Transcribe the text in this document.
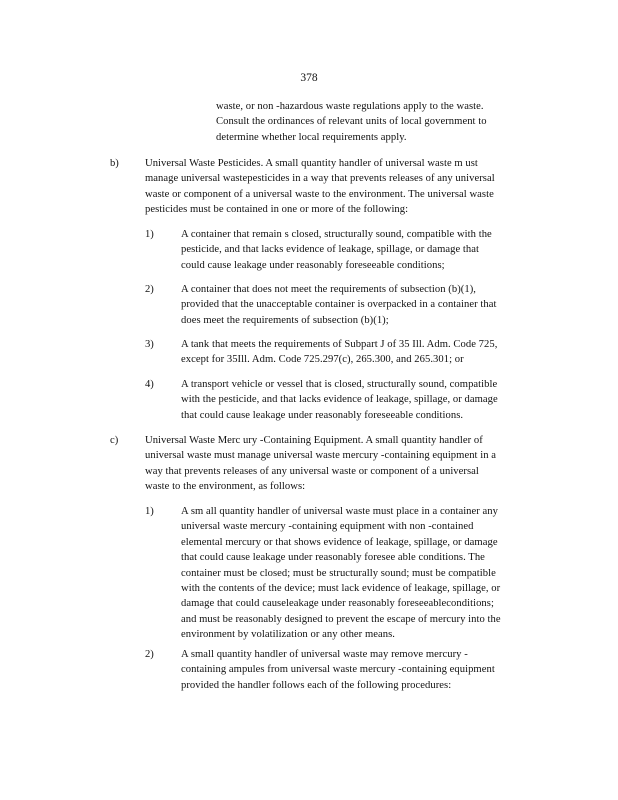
378
waste, or non -hazardous waste regulations apply to the waste.
Consult the ordinances of relevant units of local government to
determine whether local requirements apply.
b) Universal Waste Pesticides. A small quantity handler of universal waste m ust
manage universal wastepesticides in a way that prevents releases of any universal
waste or component of a universal waste to the environment. The universal waste
pesticides must be contained in one or more of the following:
1)	A container that remain s closed, structurally sound, compatible with the
pesticide, and that lacks evidence of leakage, spillage, or damage that
could cause leakage under reasonably foreseeable conditions;
2)	A container that does not meet the requirements of subsection (b)(1),
provided that the unacceptable container is overpacked in a container that
does meet the requirements of subsection (b)(1);
3)	A tank that meets the requirements of Subpart J of 35 Ill. Adm. Code 725,
except for 35Ill. Adm. Code 725.297(c), 265.300, and 265.301; or
4)	A transport vehicle or vessel that is closed, structurally sound, compatible
with the pesticide, and that lacks evidence of leakage, spillage, or damage
that could cause leakage under reasonably foreseeable conditions.
c)	Universal Waste Merc ury -Containing Equipment. A small quantity handler of
universal waste must manage universal waste mercury -containing equipment in a
way that prevents releases of any universal waste or component of a universal
waste to the environment, as follows:
1)	A sm all quantity handler of universal waste must place in a container any
universal waste mercury -containing equipment with non -contained
elemental mercury or that shows evidence of leakage, spillage, or damage
that could cause leakage under reasonably foresee able conditions. The
container must be closed; must be structurally sound; must be compatible
with the contents of the device; must lack evidence of leakage, spillage, or
damage that could causeleakage under reasonably foreseeableconditions;
and must be reasonably designed to prevent the escape of mercury into the
environment by volatilization or any other means.
2)	A small quantity handler of universal waste may remove mercury -
containing ampules from universal waste mercury -containing equipment
provided the handler follows each of the following procedures:
